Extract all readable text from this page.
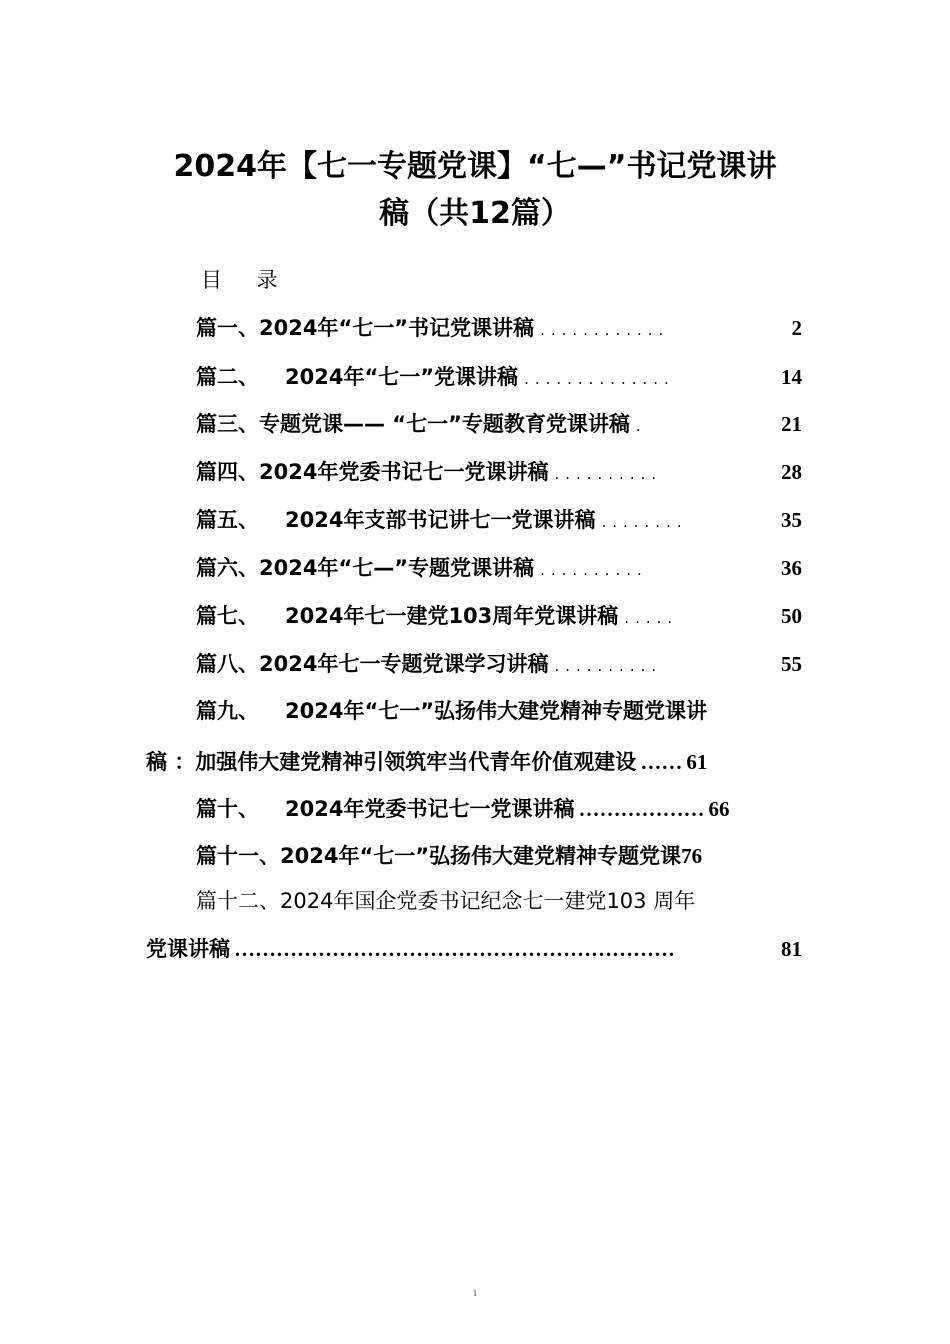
2024年【七一专题党课】“七—”书记党课讲
稿（共12篇）
目 录
篇一、2024年“七一”书记党课讲稿 ............	2
篇二、 2024年“七一”党课讲稿 ..............	14
篇三、专题党课—— “七一”专题教育党课讲稿 .	21
篇四、2024年党委书记七一党课讲稿 ..........	28
篇五、 2024年支部书记讲七一党课讲稿 ........	35
篇六、2024年“七—”专题党课讲稿 ..........	36
篇七、 2024年七一建党103周年党课讲稿 .....	50
篇八、2024年七一专题党课学习讲稿 ..........	55
篇九、 2024年“七一”弘扬伟大建党精神专题党课讲
稿 ：加强伟大建党精神引领筑牢当代青年价值观建设 …… 61
篇十、 2024年党委书记七一党课讲稿 ……………… 66
篇十一、2024年“七一”弘扬伟大建党精神专题党课 76
篇十二、2024年国企党委书记纪念七一建党103 周年
党课讲稿 ………………………………………………………	81
1
